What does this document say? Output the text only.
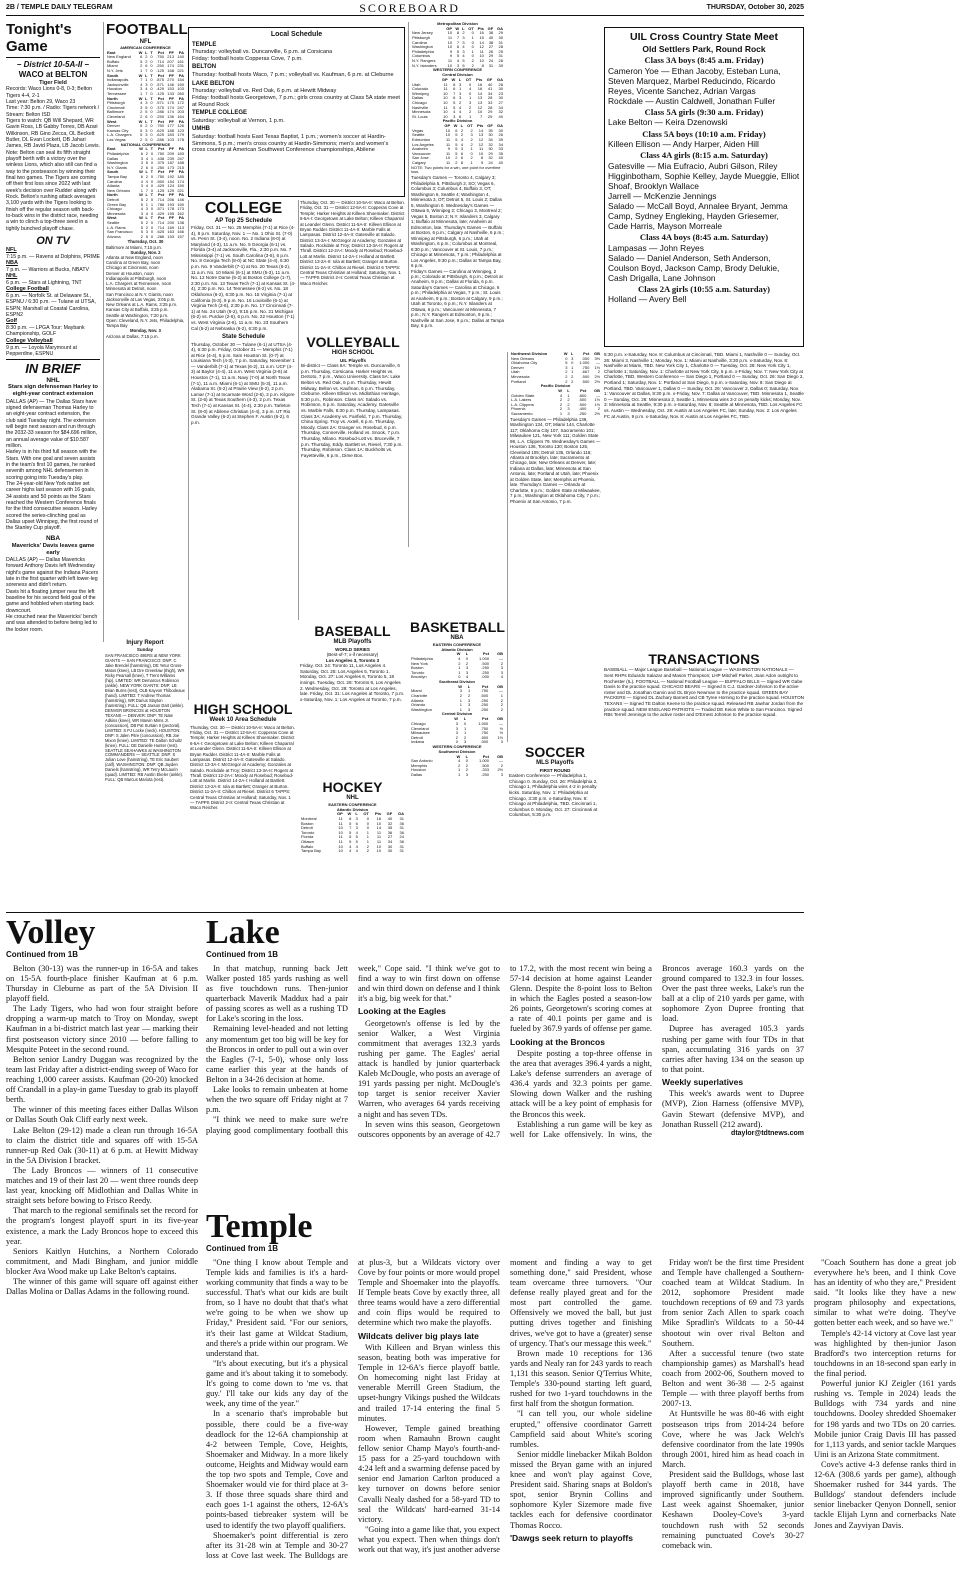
2B / TEMPLE DAILY TELEGRAM	SCOREBOARD	THURSDAY, October 30, 2025
Tonight's Game
– District 10-5A-II –
WACO at BELTON
Tiger Field

Records: Waco Lions 0-8, 0-3; Belton Tigers 4-4, 2-1

Last year: Belton 29, Waco 23

Time: 7:30 p.m. / Radio: Tigers network / Stream: Belton ISD

Tigers to watch: QB Will Shepard, WR Gavin Ross, LB Gabby Torres, DB Azari Wilkinson, RB Gino Zecca, OL Beckett Butler, DL Evan Lockett, DB Jahari James, RB Javid Plaza, LB Jacob Lewis.

Note: Belton can seal its fifth straight playoff berth with a victory over the winless Lions, which also still can find a way to the postseason by winning their final two games. The Tigers are coming off their first loss since 2022 with last week's decision over Rudder along with Rock. Belton's rushing attack averages 3,100 yards with the Tigers looking to finish off the regular season with back-to-back wins in the district race, needing a win to clinch a top-three seed in a tightly bunched playoff chase.

ON TV
NFL
7:15 p.m. — Ravens at Dolphins, PRIME
NBA
7 p.m. — Warriors at Bucks, NBATV
NHL
6 p.m. — Stars at Lightning, TNT
College Football
6 p.m. — Norfolk St. at Delaware St., ESPNU / 6:30 p.m. — Tulane at UTSA, ESPN; Marshall at Coastal Carolina, ESPN2
Golf
8:30 p.m. — LPGA Tour: Maybank Championship, GOLF
College Volleyball
9 p.m. — Loyola Marymount at Pepperdine, ESPNU
IN BRIEF
NHL
Stars sign defenseman Harley to eight-year contract extension

DALLAS (AP) — The Dallas Stars have signed defenseman Thomas Harley to an eight-year contract extension, the club said Tuesday night. The extension will begin next season and run through the 2032-33 season for $84.696 million, an annual average value of $10.587 million.

Harley is in his third full season with the Stars. With one goal and seven assists in the team's first 10 games, he ranked seventh among NHL defensemen in scoring going into Tuesday's play.

The 24-year-old New York native set career highs last season with 16 goals, 34 assists and 50 points as the Stars reached the Western Conference finals for the third consecutive season. Harley scored the series-clinching goal as Dallas upset Winnipeg, the first round of the Stanley Cup playoff.

NBA
Mavericks' Davis leaves game early

DALLAS (AP) — Dallas Mavericks forward Anthony Davis left Wednesday night's game against the Indiana Pacers late in the first quarter with left lower-leg soreness and didn't return.

Davis hit a floating jumper near the left baseline for his second field goal of the game and hobbled when starting back downcourt.

He crouched near the Mavericks' bench and was attended to before being led to the locker room.

FOOTBALL
NFL
AMERICAN CONFERENCE
East	W	L	T	Pct	PF	PA
New England	6	2	0	.750	213	140
Buffalo	5	2	0	.714	207	161
Miami	2	6	0	.250	174	231
N.Y. Jets	1	7	0	.125	168	221
South	W	L	T	Pct	PF	PA
Indianapolis	7	1	0	.875	270	154
Jacksonville	4	3	0	.571	146	150
Houston	3	4	0	.429	153	103
Tennessee	1	7	0	.125	133	260
North	W	L	T	Pct	PF	PA
Pittsburgh	4	3	0	.571	175	172
Cincinnati	3	5	0	.375	174	247
Baltimore	2	5	0	.286	174	203
Cleveland	2	6	0	.250	136	164
West	W	L	T	Pct	PF	PA
Denver	6	2	0	.750	177	126
Kansas City	5	3	0	.625	188	123
L.A. Chargers	5	3	0	.625	183	179
Las Vegas	2	5	0	.286	103	178
NATIONAL CONFERENCE
East	W	L	T	Pct	PF	PA
Philadelphia	6	2	0	.750	209	183
Dallas	3	4	1	.438	239	247
Washington	3	5	0	.375	187	188
N.Y. Giants	2	6	0	.250	173	215
South	W	L	T	Pct	PF	PA
Tampa Bay	6	2	0	.750	192	185
Carolina	4	4	0	.500	154	174
Atlanta	3	4	0	.429	124	150
New Orleans	1	7	0	.125	129	221
North	W	L	T	Pct	PF	PA
Detroit	5	2	0	.714	206	146
Green Bay	5	1	1	.786	193	150
Chicago	4	3	0	.571	178	173
Minnesota	3	4	0	.429	155	162
West	W	L	T	Pct	PF	PA
Seattle	5	2	0	.714	200	138
L.A. Rams	5	2	0	.714	169	113
San Francisco	5	3	0	.625	163	166
Arizona	2	5	0	.286	153	157
Thursday, Oct. 30
Baltimore at Miami, 7:15 p.m.
Sunday, Nov. 2
Atlanta at New England, noon
Carolina at Green Bay, noon
Chicago at Cincinnati, noon
Denver at Houston, noon
Indianapolis at Pittsburgh, noon
L.A. Chargers at Tennessee, noon
Minnesota at Detroit, noon
San Francisco at N.Y. Giants, noon
Jacksonville at Las Vegas, 3:05 p.m.
New Orleans at L.A. Rams, 3:25 p.m.
Kansas City at Buffalo, 3:25 p.m.
Seattle at Washington, 7:20 p.m.
Open: Cleveland, N.Y. Jets, Philadelphia, Tampa Bay
Monday, Nov. 3
Arizona at Dallas, 7:15 p.m.
Injury Report
Sunday

SAN FRANCISCO 49ERS at NEW YORK GIANTS — SAN FRANCISCO: DNP: C Jake Brendel (hamstring), DE Yetur Gross-Matos (knee), LB Dre Greenlaw (thigh), WR Ricky Pearsall (knee), T Trent Williams (hip). LIMITED: WR Demarcus Robinson (ankle). NEW YORK GIANTS: DNP: LB Brian Burns (rest), OLB Kayvon Thibodeaux (hand). LIMITED: T Andrew Thomas (hamstring), WR Darius Slayton (hamstring). FULL: QB Jaxson Dart (ankle). DENVER BRONCOS at HOUSTON TEXANS — DENVER: DNP: TE Nate Adkins (knee), WR Marvin Mims Jr. (concussion), DB Pat Surtain II (pectoral). LIMITED: S PJ Locke (neck). HOUSTON: DNP: S Jalen Pitre (concussion), RB Joe Mixon (knee). LIMITED: TE Dalton Schultz (knee). FULL: DE Danielle Hunter (rest). SEATTLE SEAHAWKS at WASHINGTON COMMANDERS — SEATTLE: DNP: S Julian Love (hamstring), TE Eric Saubert (calf). WASHINGTON: DNP: QB Jayden Daniels (hamstring), WR Terry McLaurin (quad). LIMITED: RB Austin Ekeler (ankle). FULL: QB Marcus Mariota (rest).

Local Schedule
TEMPLE
Thursday: volleyball vs. Duncanville, 6 p.m. at Corsicana
Friday: football hosts Copperas Cove, 7 p.m.
BELTON
Thursday: football hosts Waco, 7 p.m.; volleyball vs. Kaufman, 6 p.m. at Cleburne
LAKE BELTON
Thursday: volleyball vs. Red Oak, 6 p.m. at Hewitt Midway
Friday: football hosts Georgetown, 7 p.m.; girls cross country at Class 5A state meet at Round Rock
TEMPLE COLLEGE
Saturday: volleyball at Vernon, 1 p.m.
UMHB
Saturday: football hosts East Texas Baptist, 1 p.m.; women's soccer at Hardin-Simmons, 5 p.m.; men's cross country at Hardin-Simmons; men's and women's cross country at American Southwest Conference championships, Abilene
COLLEGE
AP Top 25 Schedule

Friday, Oct. 31 — No. 25 Memphis (7-1) at Rice (4-4), 8 p.m. Saturday, Nov. 1 — No. 1 Ohio St. (7-0) vs. Penn St. (3-4), noon. No. 2 Indiana (8-0) at Maryland (4-3), 11 a.m. No. 5 Georgia (6-1) vs. Florida (3-4) at Jacksonville, Fla., 2:30 p.m. No. 7 Mississippi (7-1) vs. South Carolina (3-5), 6 p.m. No. 8 Georgia Tech (8-0) at NC State (4-4), 6:30 p.m. No. 9 Vanderbilt (7-1) at No. 20 Texas (6-2), 11 a.m. No. 10 Miami (6-1) at SMU (5-3), 11 a.m. No. 12 Notre Dame (5-2) at Boston College (1-7), 2:30 p.m. No. 13 Texas Tech (7-1) at Kansas St. (4-4), 2:30 p.m. No. 14 Tennessee (6-2) vs. No. 18 Oklahoma (6-2), 6:30 p.m. No. 15 Virginia (7-1) at California (5-3), 9 p.m. No. 16 Louisville (6-1) at Virginia Tech (2-6), 2:30 p.m. No. 17 Cincinnati (7-1) at No. 24 Utah (6-2), 9:15 p.m. No. 21 Michigan (6-2) vs. Purdue (2-6), 6 p.m. No. 22 Houston (7-1) vs. West Virginia (2-6), 11 a.m. No. 23 Southern Cal (5-2) at Nebraska (6-2), 6:30 p.m.

State Schedule

Thursday, October 30 — Tulane (6-1) at UTSA (4-4), 6:30 p.m. Friday, October 31 — Memphis (7-1) at Rice (4-4), 6 p.m. Sam Houston St. (0-7) at Louisiana Tech (4-3), 7 p.m. Saturday, November 1 — Vanderbilt (7-1) at Texas (6-2), 11 a.m. UCF (4-3) at Baylor (4-4), 11 a.m. West Virginia (2-6) at Houston (7-1), 11 a.m. Navy (7-0) at North Texas (7-1), 11 a.m. Miami (6-1) at SMU (5-3), 11 a.m. Alabama St. (5-2) at Prairie View (6-2), 2 p.m. Lamar (7-1) at Incarnate Word (2-6), 2 p.m. Kilgore St. (2-6) at Texas Southern (4-3), 2 p.m. Texas Tech (7-1) at Kansas St. (4-4), 2:30 p.m. Tarleton St. (8-0) at Abilene Christian (4-4), 3 p.m. UT Rio Grande Valley (6-2) at Stephen F. Austin (6-2), 6 p.m.

HIGH SCHOOL
Week 10 Area Schedule

Thursday, Oct. 30 — District 10-5A-II: Waco at Belton. Friday, Oct. 31 — District 12-5A-II: Copperas Cove at Temple; Harker Heights at Killeen Shoemaker. District 6-5A-I: Georgetown at Lake Belton; Killeen Chaparral at Leander Glenn. District 11-5A-II: Killeen Ellison at Bryan Rudder. District 11-4A-II: Marble Falls at Lampasas. District 12-4A-II: Gatesville at Salado. District 13-3A-I: McGregor at Academy; Gonzales at Salado. Rockdale at Troy; District 13-3A-II: Rogers at Thrall. District 12-2A-I: Moody at Rosebud; Rosebud-Lott at Marlin. District 14-2A-I: Holland at Bartlett. District 13-2A-II: Iola at Bartlett; Granger at Burton. District 11-2A-II: Chilton at Riesel. District 6 TAPPS: Central Texas Christian at Holland; Saturday, Nov. 1 — TAPPS District 2-II: Central Texas Christian at Waco Reicher.

VOLLEYBALL
HIGH SCHOOL
UIL Playoffs

Bi-district — Class 6A: Temple vs. Duncanville, 6 p.m. Thursday, Corsicana. Harker Heights vs. DeSoto, 7 p.m., Waco University. Class 5A: Lake Belton vs. Red Oak, 6 p.m. Thursday, Hewitt Midway. Belton vs. Kaufman, 6 p.m. Thursday, Cleburne. Killeen Ellison vs. Midlothian Heritage, 5:30 p.m., Robinson. Class 4A: Salado vs. Robinson, 6 p.m. Saturday, Academy. Gatesville vs. Marble Falls, 6:30 p.m. Thursday, Lampasas. Class 3A: Academy vs. Fairfield, 7 p.m. Thursday, China Spring. Troy vs. Axtell, 6 p.m. Thursday, Moody. Class 2A: Granger vs. Rosebud, 6 p.m. Thursday, Connerville. Holland vs. Snook, 7 p.m. Thursday, Milano. Rosebud-Lott vs. Bruceville, 7 p.m. Thursday, Eddy. Bartlett vs. Riesel, 7:30 p.m. Thursday, Robinson. Class 1A: Buckholts vs. Fayetteville, 6 p.m., Dime Box.

Thursday, Oct. 30 — District 10-5A-II: Waco at Belton. Friday, Oct. 31 — District 12-5A-II: Copperas Cove at Temple; Harker Heights at Killeen Shoemaker. District 6-5A-I: Georgetown at Lake Belton; Killeen Chaparral at Leander Glenn. District 11-5A-II: Killeen Ellison at Bryan Rudder. District 11-4A-II: Marble Falls at Lampasas. District 12-4A-II: Gatesville at Salado. District 13-3A-I: McGregor at Academy; Gonzales at Salado. Rockdale at Troy; District 13-3A-II: Rogers at Thrall. District 12-2A-I: Moody at Rosebud; Rosebud-Lott at Marlin. District 14-2A-I: Holland at Bartlett. District 13-2A-II: Iola at Bartlett; Granger at Burton. District 11-2A-II: Chilton at Riesel. District 6 TAPPS: Central Texas Christian at Holland; Saturday, Nov. 1 — TAPPS District 2-II: Central Texas Christian at Waco Reicher.

BASEBALL
MLB Playoffs
WORLD SERIES
(Best-of-7; x-if necessary)
Los Angeles 3, Toronto 3

Friday, Oct. 24: Toronto 11, Los Angeles 4. Saturday, Oct. 25: Los Angeles 5, Toronto 1. Monday, Oct. 27: Los Angeles 6, Toronto 5, 18 innings. Tuesday, Oct. 28: Toronto 6, Los Angeles 2. Wednesday, Oct. 29: Toronto at Los Angeles, late. Friday, Oct. 31: Los Angeles at Toronto, 7 p.m. x-Saturday, Nov. 1: Los Angeles at Toronto, 7 p.m.

HOCKEY
NHL
EASTERN CONFERENCE
Atlantic Division
	GP	W	L	OT	Pts	GF	GA
Montreal	11	8	3	0	16	40	31
Boston	11	5	6	0	10	32	36
Detroit	10	7	3	0	14	35	31
Toronto	10	5	4	1	11	36	36
Florida	11	5	5	1	11	27	24
Ottawa	11	5	5	1	11	34	36
Buffalo	10	4	4	2	10	30	31
Tampa Bay	10	4	4	2	10	30	31
Metropolitan Division
	GP	W	L	OT	Pts	GF	GA
New Jersey	10	8	2	0	16	38	29
Pittsburgh	11	7	3	1	15	40	30
Carolina	10	7	3	0	14	38	31
Washington	10	6	4	0	12	27	28
Philadelphia	9	5	3	1	11	26	25
Columbus	9	5	4	0	10	29	31
N.Y. Rangers	11	4	5	2	10	24	28
N.Y. Islanders	10	3	5	2	8	31	39
WESTERN CONFERENCE
Central Division
	GP	W	L	OT	Pts	GF	GA
Utah	11	8	3	0	16	40	28
Colorado	11	6	1	4	16	41	30
Winnipeg	10	7	3	0	14	34	23
Dallas	10	6	3	1	13	28	30
Chicago	10	5	2	3	13	33	27
Nashville	11	5	4	2	12	28	34
Minnesota	10	4	4	2	10	29	32
St. Louis	10	3	6	1	7	29	40
Pacific Division
	GP	W	L	OT	Pts	GF	GA
Vegas	10	6	2	2	14	35	30
Seattle	10	5	2	3	13	30	26
Edmonton	11	5	4	2	12	34	39
Los Angeles	11	5	4	2	12	32	34
Anaheim	9	5	3	1	11	30	33
Vancouver	11	5	6	0	10	29	35
San Jose	10	2	6	2	6	32	40
Calgary	11	2	8	1	5	24	40

NOTE: Two points for a win, one point for overtime loss.

Tuesday's Games — Toronto 4, Calgary 3; Philadelphia 5, Pittsburgh 2, SO; Vegas 6, Columbus 3; Columbus 4, Buffalo 3, OT; Washington 6, Seattle 4; Washington 4, Minnesota 3, OT; Detroit 5, St. Louis 2; Dallas 5, Washington 0. Wednesday's Games — Ottawa 5, Winnipeg 2; Chicago 3, Montreal 2; Vegas 5, Boston 2; N.Y. Islanders 3, Calgary 1; Buffalo at Minnesota, late; Anaheim at Edmonton, late. Thursday's Games — Buffalo at Boston, 6 p.m.; Calgary at Nashville, 6 p.m.; Winnipeg at Pittsburgh, 6 p.m.; Utah at Washington, 6 p.m.; Columbus at Montreal, 6:30 p.m.; Vancouver at St. Louis, 7 p.m.; Chicago at Minnesota, 7 p.m.; Philadelphia at Los Angeles, 9:30 p.m.; Dallas at Tampa Bay, 6 p.m.

Friday's Games — Carolina at Winnipeg, 2 p.m.; Colorado at Pittsburgh, 6 p.m.; Detroit at Anaheim, 9 p.m.; Dallas at Florida, 6 p.m. Saturday's Games — Carolina at Chicago, 6 p.m.; Philadelphia at Vegas, 7 p.m.; St. Louis at Anaheim, 9 p.m.; Boston at Calgary, 9 p.m.; Utah at Toronto, 6 p.m.; N.Y. Islanders at Ottawa, 6 p.m.; Vancouver at Minnesota, 7 p.m.; N.Y. Rangers at Edmonton, 9 p.m.; Nashville at San Jose, 9 p.m.; Dallas at Tampa Bay, 6 p.m.

BASKETBALL
NBA
EASTERN CONFERENCE
Atlantic Division
	W	L	Pct	GB
Philadelphia	4	0	1.000	—
New York	2	2	.500	2
Boston	1	3	.250	3
Toronto	1	3	.250	3
Brooklyn	0	4	.000	4
Southeast Division
	W	L	Pct	GB
Miami	3	1	.750	—
Charlotte	2	2	.500	1
Atlanta	1	3	.250	2
Orlando	1	3	.250	2
Washington	1	3	.250	2
Central Division
	W	L	Pct	GB
Chicago	3	0	1.000	—
Cleveland	3	1	.750	½
Milwaukee	3	1	.750	½
Detroit	2	2	.500	1½
Indiana	0	3	.000	3
WESTERN CONFERENCE
Southwest Division
	W	L	Pct	GB
San Antonio	4	0	1.000	—
Memphis	2	2	.500	2
Houston	1	2	.333	2½
Dallas	1	3	.250	3
Northwest Division	W	L	Pct	GB
New Orleans	0	3	.000	3½
Oklahoma City	5	0	1.000	—
Denver	3	1	.750	1½
Utah	2	1	.667	2
Minnesota	2	2	.500	2½
Portland	2	2	.500	2½
Pacific Division
	W	L	Pct	GB
Golden State	4	1	.800	—
L.A. Lakers	2	2	.500	1½
L.A. Clippers	2	2	.500	1½
Phoenix	2	3	.400	2
Sacramento	1	3	.250	2½

Tuesday's Games — Philadelphia 139, Washington 134, OT; Miami 144, Charlotte 117; Oklahoma City 107, Sacramento 101; Milwaukee 121, New York 111; Golden State 98, L.A. Clippers 79. Wednesday's Games — Houston 136, Toronto 130; Boston 125, Cleveland 105; Detroit 135, Orlando 116; Atlanta at Brooklyn, late; Sacramento at Chicago, late; New Orleans at Denver, late; Indiana at Dallas, late; Minnesota at San Antonio, late; Portland at Utah, late; Phoenix at Golden State, late; Memphis at Phoenix, late. Thursday's Games — Orlando at Charlotte, 6 p.m.; Golden State at Milwaukee, 7 p.m.; Washington at Oklahoma City, 7 p.m.; Phoenix at San Antonio, 7 p.m.

SOCCER
MLS Playoffs
FIRST ROUND

Eastern Conference — Philadelphia 1, Chicago 0. Sunday, Oct. 26: Philadelphia 2, Chicago 1, Philadelphia wins 4-2 in penalty kicks. Saturday, Nov. 1: Philadelphia at Chicago, 3:30 p.m. x-Saturday, Nov. 8: Chicago at Philadelphia, TBD. Cincinnati 1, Columbus 0. Monday, Oct. 27: Cincinnati at Columbus, 5:30 p.m.

UIL Cross Country State Meet
Old Settlers Park, Round Rock
Class 3A boys (8:45 a.m. Friday)

Cameron Yoe — Ethan Jacoby, Esteban Luna, Steven Marquez, Marbel Reducindo, Ricardo Reyes, Vicente Sanchez, Adrian Vargas

Rockdale — Austin Caldwell, Jonathan Fuller

Class 5A girls (9:30 a.m. Friday)

Lake Belton — Keira Dzenowski

Class 5A boys (10:10 a.m. Friday)

Killeen Ellison — Andy Harper, Aiden Hill

Class 4A girls (8:15 a.m. Saturday)

Gatesville — Mia Eufracio, Aubri Gilson, Riley Higginbotham, Sophie Kelley, Jayde Mueggie, Elliot Shoaf, Brooklyn Wallace

Jarrell — McKenzie Jennings

Salado — McCall Boyd, Annalee Bryant, Jemma Camp, Sydney Engleking, Hayden Griesemer, Cade Harris, Mayson Morreale

Class 4A boys (8:45 a.m. Saturday)

Lampasas — John Reyes

Salado — Daniel Anderson, Seth Anderson, Coulson Boyd, Jackson Camp, Brody Delukie, Cash Drigalla, Lane Johnson

Class 2A girls (10:55 a.m. Saturday)

Holland — Avery Bell

5:30 p.m. x-Saturday, Nov. 8: Columbus at Cincinnati, TBD. Miami 1, Nashville 0 — Sunday, Oct. 26: Miami 3, Nashville 1; Monday, Nov. 1: Miami at Nashville, 3:30 p.m. x-Saturday, Nov. 8: Nashville at Miami, TBD. New York City 1, Charlotte 0 — Tuesday, Oct. 28: New York City 1, Charlotte 1; Saturday, Nov. 1: Charlotte at New York City, 5 p.m. x-Friday, Nov. 7: New York City at Charlotte, TBD. Western Conference — San Diego 1, Portland 0 — Sunday, Oct. 26: San Diego 2, Portland 1; Saturday, Nov. 1: Portland at San Diego, 5 p.m. x-Saturday, Nov. 8: San Diego at Portland, TBD. Vancouver 1, Dallas 0 — Sunday, Oct. 26: Vancouver 2, Dallas 0; Saturday, Nov. 1: Vancouver at Dallas, 8:30 p.m. x-Friday, Nov. 7: Dallas at Vancouver, TBD. Minnesota 1, Seattle 0 — Sunday, Oct. 26: Minnesota 2, Seattle 1, Minnesota wins 3-2 on penalty kicks; Monday, Nov. 3: Minnesota at Seattle, 9:30 p.m. x-Saturday, Nov. 8: Seattle at Minnesota, TBD. Los Angeles FC vs. Austin — Wednesday, Oct. 29: Austin at Los Angeles FC, late; Sunday, Nov. 2: Los Angeles FC at Austin, 9 p.m. x-Saturday, Nov. 8: Austin at Los Angeles FC, TBD.

TRANSACTIONS

BASEBALL — Major League Baseball — National League — WASHINGTON NATIONALS — Sent RHPs Eduardo Salazar and Mason Thompson; LHP Mitchell Parker, Joan Adon outright to Rochester (IL). FOOTBALL — National Football League — BUFFALO BILLS — Signed WR Gabe Davis to the practice squad. CHICAGO BEARS — Signed S C.J. Gardner-Johnson to the active roster and DL Jonathan Garvin and OL Bryce Newman to the practice squad. GREEN BAY PACKERS — Signed DL Zachary Barnett and CB Tyree Horning to the practice squad. HOUSTON TEXANS — Signed TE Dalton Keene to the practice squad. Released RB Jawhar Jordan from the practice squad. NEW ENGLAND PATRIOTS — Traded DE Keion White to San Francisco. Signed RBs Terrell Jennings to the active roster and D'Ernest Johnson to the practice squad.

Volley
Continued from 1B

Belton (30-13) was the runner-up in 16-5A and takes on 15-5A fourth-place finisher Kaufman at 6 p.m. Thursday in Cleburne as part of the 5A Division II playoff field.

The Lady Tigers, who had won four straight before dropping a warm-up match to Troy on Monday, swept Kaufman in a bi-district match last year — marking their first postseason victory since 2010 — before falling to Mesquite Poteet in the second round.

Belton senior Landry Duggan was recognized by the team last Friday after a district-ending sweep of Waco for reaching 1,000 career assists. Kaufman (20-20) knocked off Crandall in a play-in game Tuesday to grab its playoff berth.

The winner of this meeting faces either Dallas Wilson or Dallas South Oak Cliff early next week.

Lake Belton (29-12) made a clean run through 16-5A to claim the district title and squares off with 15-5A runner-up Red Oak (30-11) at 6 p.m. at Hewitt Midway in the 5A Division I bracket.

The Lady Broncos — winners of 11 consecutive matches and 19 of their last 20 — went three rounds deep last year, knocking off Midlothian and Dallas White in straight sets before bowing to Frisco Reedy.

That march to the regional semifinals set the record for the program's longest playoff spurt in its five-year existence, a mark the Lady Broncos hope to exceed this year.

Seniors Kaitlyn Hutchins, a Northern Colorado commitment, and Madi Bingham, and junior middle blocker Ava Wood make up Lake Belton's captains.

The winner of this game will square off against either Dallas Molina or Dallas Adams in the following round.

Lake
Continued from 1B

In that matchup, running back Jett Walker posted 185 yards rushing as well as five touchdown runs. Then-junior quarterback Maverik Maddux had a pair of passing scores as well as a rushing TD for Lake's scoring in the loss.

Remaining level-headed and not letting any momentum get too big will be key for the Broncos in order to pull out a win over the Eagles (7-1, 5-0), whose only loss came earlier this year at the hands of Belton in a 34-26 decision at home.

Lake looks to remain unbeaten at home when the two square off Friday night at 7 p.m.

"I think we need to make sure we're playing good complimentary football this week," Cope said. "I think we've got to find a way to win first down on offense and win third down on defense and I think it's a big, big week for that."

Looking at the Eagles

Georgetown's offense is led by the senior Walker, a West Virginia commitment that averages 132.3 yards rushing per game. The Eagles' aerial attack is handled by junior quarterback Kaleb McDougle, who posts an average of 191 yards passing per night. McDougle's top target is senior receiver Xavier Warren, who averages 64 yards receiving a night and has seven TDs.

In seven wins this season, Georgetown outscores opponents by an average of 42.7 to 17.2, with the most recent win being a 57-14 decision at home against Leander Glenn. Despite the 8-point loss to Belton in which the Eagles posted a season-low 26 points, Georgetown's scoring comes at a rate of 40.1 points per game and is fueled by 367.9 yards of offense per game.

Looking at the Broncos

Despite posting a top-three offense in the area that averages 396.4 yards a night, Lake's defense surrenders an average of 436.4 yards and 32.3 points per game. Slowing down Walker and the rushing attack will be a key point of emphasis for the Broncos this week.

Establishing a run game will be key as well for Lake offensively. In wins, the Broncos average 160.3 yards on the ground compared to 132.3 in four losses. Over the past three weeks, Lake's run the ball at a clip of 210 yards per game, with sophomore Zyon Dupree fronting that load.

Dupree has averaged 105.3 yards rushing per game with four TDs in that span, accumulating 316 yards on 37 carries after having 134 on the season up to that point.

Weekly superlatives

This week's awards went to Dupree (MVP), Zion Harness (offensive MVP), Gavin Stewart (defensive MVP), and Jonathan Russell (212 award).

dtaylor@tdtnews.com
Temple
Continued from 1B

"One thing I know about Temple and Temple kids and families is it's a hard-working community that finds a way to be successful. That's what our kids are built from, so I have no doubt that that's what we're going to be when we show up Friday," President said. "For our seniors, it's their last game at Wildcat Stadium, and there's a pride within our program. We understand that.

"It's about executing, but it's a physical game and it's about taking it to somebody. It's going to come down to 'me vs. that guy.' I'll take our kids any day of the week, any time of the year."

In a scenario that's improbable but possible, there could be a five-way deadlock for the 12-6A championship at 4-2 between Temple, Cove, Heights, Shoemaker and Midway. In a more likely outcome, Heights and Midway would earn the top two spots and Temple, Cove and Shoemaker would vie for third place at 3-3. If those three squads share third and each goes 1-1 against the others, 12-6A's points-based tiebreaker system will be used to identify the two playoff qualifiers.

Shoemaker's point differential is zero after its 31-28 win at Temple and 30-27 loss at Cove last week. The Bulldogs are at plus-3, but a Wildcats victory over Cove by four points or more would propel Temple and Shoemaker into the playoffs. If Temple beats Cove by exactly three, all three teams would have a zero differential and coin flips would be required to determine which two make the playoffs.

Wildcats deliver big plays late

With Killeen and Bryan winless this season, beating both was imperative for Temple in 12-6A's fierce playoff battle. On homecoming night last Friday at venerable Merrill Green Stadium, the upset-hungry Vikings pushed the Wildcats and trailed 17-14 entering the final 5 minutes.

However, Temple gained breathing room when Ramauhn Brown caught fellow senior Champ Mayo's fourth-and-15 pass for a 25-yard touchdown with 4:24 left and a swarming defense paced by senior end Jamarion Carlton produced a key turnover on downs before senior Cavalli Nealy dashed for a 58-yard TD to seal the Wildcats' hard-earned 31-14 victory.

"Going into a game like that, you expect what you expect. Then when things don't work out that way, it's just another adverse moment and finding a way to get something done," said President, whose team overcame three turnovers. "Our defense really played great and for the most part controlled the game. Offensively we moved the ball, but just putting drives together and finishing drives, we've got to have a (greater) sense of urgency. That's our message this week."

Brown made 10 receptions for 136 yards and Nealy ran for 243 yards to reach 1,131 this season. Senior Q'Terrius White, Temple's 330-pound starting left guard, rushed for two 1-yard touchdowns in the first half from the shotgun formation.

"I can tell you, our whole sideline erupted," offensive coordinator Garrett Campfield said about White's scoring rumbles.

Senior middle linebacker Mikah Boldon missed the Bryan game with an injured knee and won't play against Cove, President said. Sharing snaps at Boldon's spot, senior Brynin Collins and sophomore Kyler Sizemore made five tackles each for defensive coordinator Thomas Rocco.

'Dawgs seek return to playoffs

Friday won't be the first time President and Temple have challenged a Southern-coached team at Wildcat Stadium. In 2012, sophomore President made touchdown receptions of 69 and 73 yards from senior Zach Allen to spark coach Mike Spradlin's Wildcats to a 50-44 shootout win over rival Belton and Southern.

After a successful tenure (two state championship games) as Marshall's head coach from 2002-06, Southern moved to Belton and went 36-38 — 2-5 against Temple — with three playoff berths from 2007-13.

At Huntsville he was 80-46 with eight postseason trips from 2014-24 before Cove, where he was Jack Welch's defensive coordinator from the late 1990s through 2001, hired him as head coach in March.

President said the Bulldogs, whose last playoff berth came in 2018, have improved significantly under Southern. Last week against Shoemaker, junior Keshawn Dooley-Cove's 3-yard touchdown rush with 52 seconds remaining punctuated Cove's 30-27 comeback win.

"Coach Southern has done a great job everywhere he's been, and I think Cove has an identity of who they are," President said. "It looks like they have a new program philosophy and expectations, similar to what we're doing. They've gotten better each week, and so have we."

Temple's 42-14 victory at Cove last year was highlighted by then-junior Jason Bradford's two interception returns for touchdowns in an 18-second span early in the final period.

Powerful junior KJ Zeigler (161 yards rushing vs. Temple in 2024) leads the Bulldogs with 734 yards and nine touchdowns. Dooley shredded Shoemaker for 198 yards and two TDs on 20 carries. Mobile junior Craig Davis III has passed for 1,113 yards, and senior tackle Marques Uini is an Arizona State commitment.

Cove's active 4-3 defense ranks third in 12-6A (308.6 yards per game), although Shoemaker rushed for 344 yards. The Bulldogs' standout defenders include senior linebacker Qenyon Donnell, senior tackle Elijah Lynn and cornerbacks Nate Jones and Zayviyan Davis.
